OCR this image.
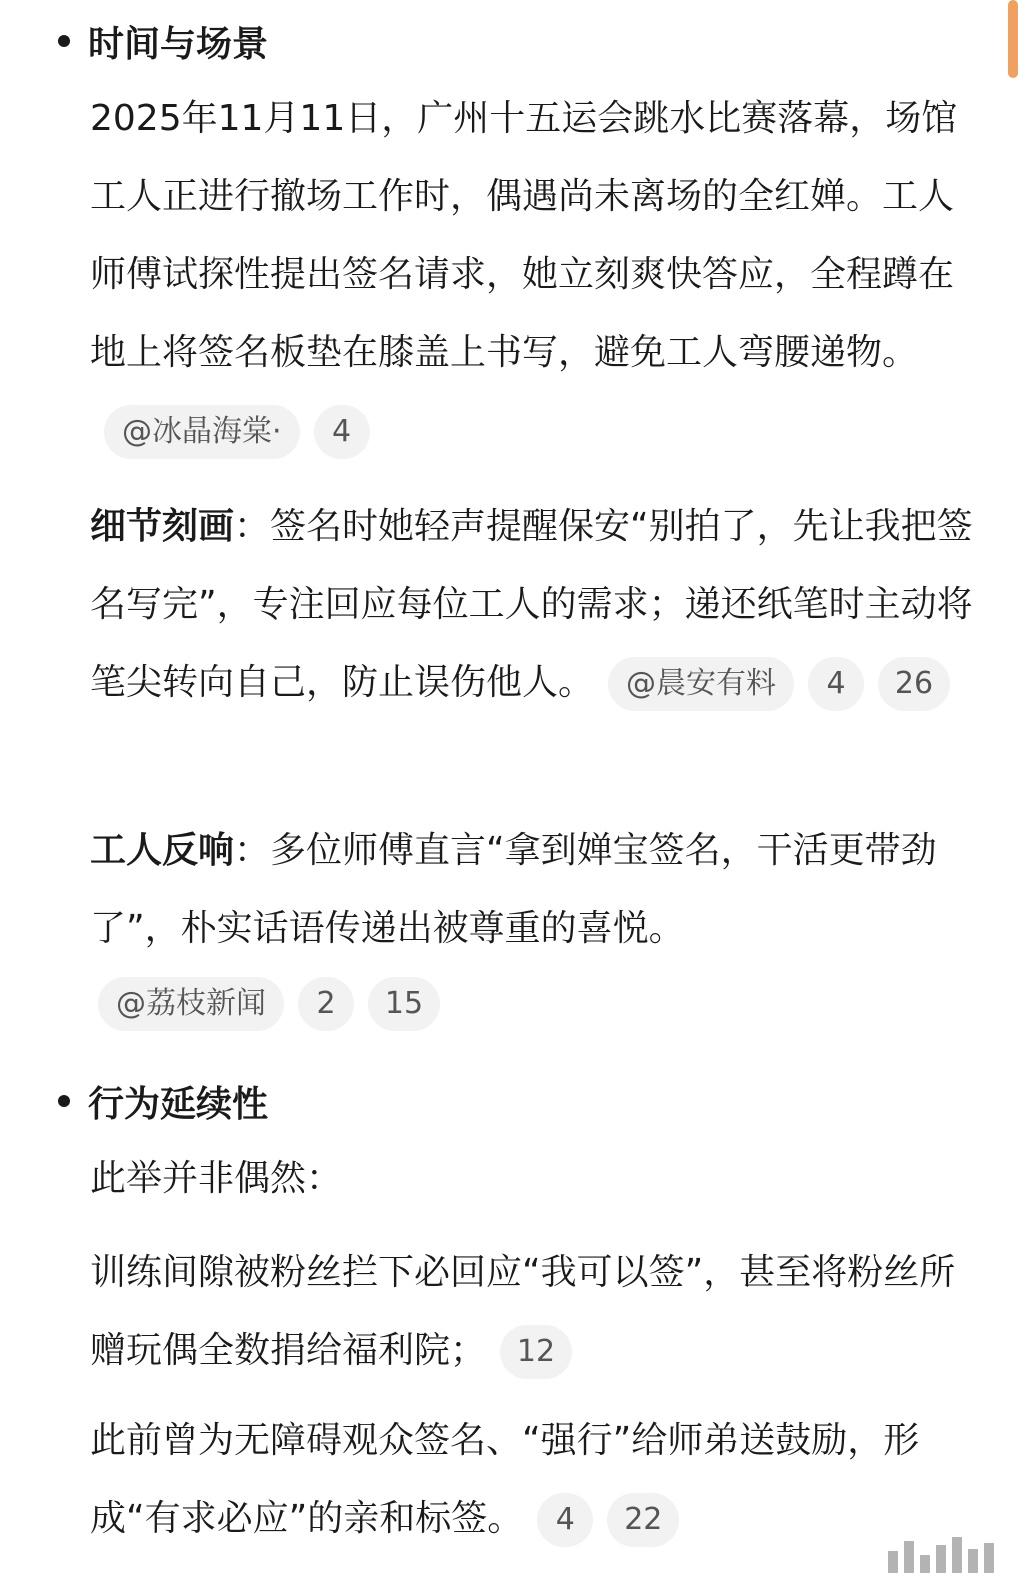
时间与场景
2025年11月11日，广州十五运会跳水比赛落幕，场馆工人正进行撤场工作时，偶遇尚未离场的全红婵。工人师傅试探性提出签名请求，她立刻爽快答应，全程蹲在地上将签名板垫在膝盖上书写，避免工人弯腰递物。@冰晶海棠· 4
细节刻画：签名时她轻声提醒保安“别拍了，先让我把签名写完”，专注回应每位工人的需求；递还纸笔时主动将笔尖转向自己，防止误伤他人。 @晨安有料 4 26
工人反响：多位师傅直言“拿到婵宝签名，干活更带劲了”，朴实话语传递出被尊重的喜悦。
@荔枝新闻	2	15
行为延续性
此举并非偶然：
训练间隙被粉丝拦下必回应“我可以签”，甚至将粉丝所赠玩偶全数捐给福利院； 12
此前曾为无障碍观众签名、“强行”给师弟送鼓励，形成“有求必应”的亲和标签。 4 22
